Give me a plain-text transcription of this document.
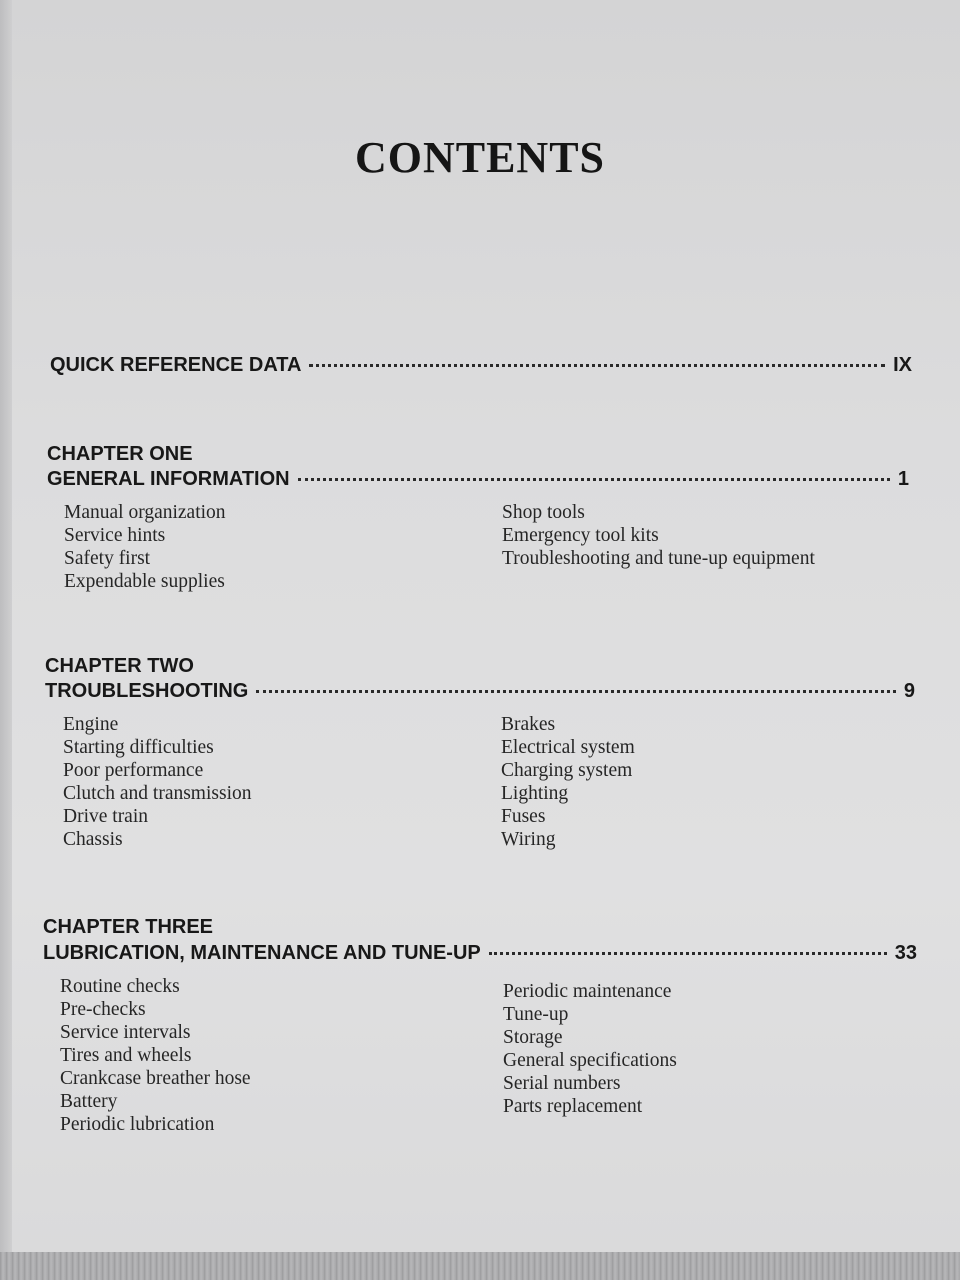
CONTENTS
QUICK REFERENCE DATA	IX
CHAPTER ONE
GENERAL INFORMATION	1
Manual organization
Service hints
Safety first
Expendable supplies
Shop tools
Emergency tool kits
Troubleshooting and tune-up equipment
CHAPTER TWO
TROUBLESHOOTING	9
Engine
Starting difficulties
Poor performance
Clutch and transmission
Drive train
Chassis
Brakes
Electrical system
Charging system
Lighting
Fuses
Wiring
CHAPTER THREE
LUBRICATION, MAINTENANCE AND TUNE-UP	33
Routine checks
Pre-checks
Service intervals
Tires and wheels
Crankcase breather hose
Battery
Periodic lubrication
Periodic maintenance
Tune-up
Storage
General specifications
Serial numbers
Parts replacement
